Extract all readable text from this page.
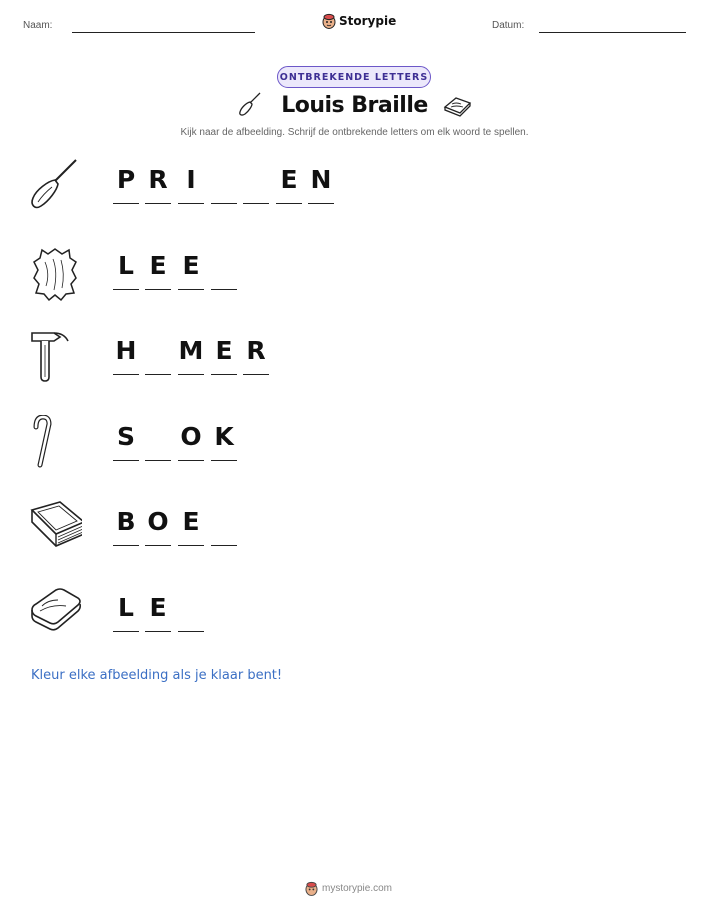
Naam:	Storypie	Datum:
ONTBREKENDE LETTERS
Louis Braille
Kijk naar de afbeelding. Schrijf de ontbrekende letters om elk woord te spellen.
P R I	E N
L E E
H M E R
S O K
B O E
L E
Kleur elke afbeelding als je klaar bent!
mystorypie.com
